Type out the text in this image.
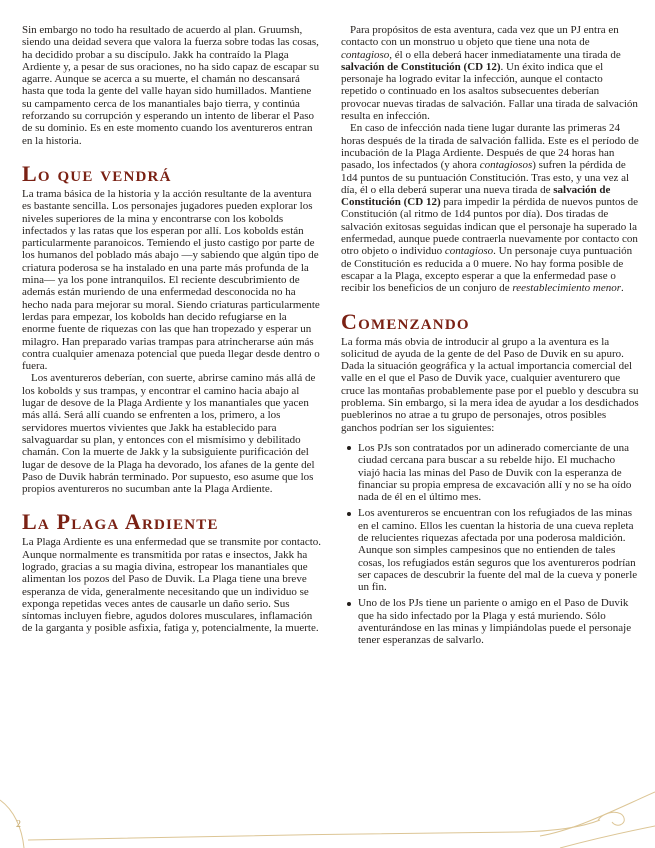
Sin embargo no todo ha resultado de acuerdo al plan. Gruumsh, siendo una deidad severa que valora la fuerza sobre todas las cosas, ha decidido probar a su discípulo. Jakk ha contraído la Plaga Ardiente y, a pesar de sus oraciones, no ha sido capaz de escapar su agarre. Aunque se acerca a su muerte, el chamán no descansará hasta que toda la gente del valle hayan sido humillados. Mantiene su campamento cerca de los manantiales bajo tierra, y continúa reforzando su corrupción y esperando un intento de liberar el Paso de su dominio. Es en este momento cuando los aventureros entran en la historia.

Lo que vendrá

La trama básica de la historia y la acción resultante de la aventura es bastante sencilla. Los personajes jugadores pueden explorar los niveles superiores de la mina y encontrarse con los kobolds infectados y las ratas que los esperan por allí. Los kobolds están particularmente paranoicos. Temiendo el justo castigo por parte de los humanos del poblado más abajo —y sabiendo que algún tipo de criatura poderosa se ha instalado en una parte más profunda de la mina— ya los pone intranquilos. El reciente descubrimiento de además están muriendo de una enfermedad desconocida no ha hecho nada para mejorar su moral. Siendo criaturas particularmente lerdas para empezar, los kobolds han decido refugiarse en la enorme fuente de riquezas con las que han tropezado y esperar un milagro. Han preparado varias trampas para atrincherarse aún más contra cualquier amenaza potencial que pueda llegar desde dentro o fuera.

Los aventureros deberían, con suerte, abrirse camino más allá de los kobolds y sus trampas, y encontrar el camino hacia abajo al lugar de desove de la Plaga Ardiente y los manantiales que yacen más allá. Será allí cuando se enfrenten a los, primero, a los servidores muertos vivientes que Jakk ha establecido para salvaguardar su plan, y entonces con el mismísimo y debilitado chamán. Con la muerte de Jakk y la subsiguiente purificación del lugar de desove de la Plaga ha devorado, los afanes de la gente del Paso de Duvik habrán terminado. Por supuesto, eso asume que los propios aventureros no sucumban ante la Plaga Ardiente.

La Plaga Ardiente

La Plaga Ardiente es una enfermedad que se transmite por contacto. Aunque normalmente es transmitida por ratas e insectos, Jakk ha logrado, gracias a su magia divina, estropear los manantiales que alimentan los pozos del Paso de Duvik. La Plaga tiene una breve esperanza de vida, generalmente necesitando que un individuo se exponga repetidas veces antes de causarle un daño serio. Sus síntomas incluyen fiebre, agudos dolores musculares, inflamación de la garganta y posible asfixia, fatiga y, potencialmente, la muerte.

Para propósitos de esta aventura, cada vez que un PJ entra en contacto con un monstruo u objeto que tiene una nota de contagioso, él o ella deberá hacer inmediatamente una tirada de salvación de Constitución (CD 12). Un éxito indica que el personaje ha logrado evitar la infección, aunque el contacto repetido o continuado en los asaltos subsecuentes deberían provocar nuevas tiradas de salvación. Fallar una tirada de salvación resulta en infección.

En caso de infección nada tiene lugar durante las primeras 24 horas después de la tirada de salvación fallida. Este es el período de incubación de la Plaga Ardiente. Después de que 24 horas han pasado, los infectados (y ahora contagiosos) sufren la pérdida de 1d4 puntos de su puntuación Constitución. Tras esto, y una vez al día, él o ella deberá superar una nueva tirada de salvación de Constitución (CD 12) para impedir la pérdida de nuevos puntos de Constitución (al ritmo de 1d4 puntos por día). Dos tiradas de salvación exitosas seguidas indican que el personaje ha superado la enfermedad, aunque puede contraerla nuevamente por contacto con otro objeto o individuo contagioso. Un personaje cuya puntuación de Constitución es reducida a 0 muere. No hay forma posible de escapar a la Plaga, excepto esperar a que la enfermedad pase o recibir los beneficios de un conjuro de reestablecimiento menor.

Comenzando

La forma más obvia de introducir al grupo a la aventura es la solicitud de ayuda de la gente de del Paso de Duvik en su apuro. Dada la situación geográfica y la actual importancia comercial del valle en el que el Paso de Duvik yace, cualquier aventurero que cruce las montañas probablemente pase por el pueblo y descubra su problema. Sin embargo, si la mera idea de ayudar a los desdichados pueblerinos no atrae a tu grupo de personajes, otros posibles ganchos podrían ser los siguientes:

Los PJs son contratados por un adinerado comerciante de una ciudad cercana para buscar a su rebelde hijo. El muchacho viajó hacia las minas del Paso de Duvik con la esperanza de financiar su propia empresa de excavación allí y no se ha oído nada de él en el último mes.
Los aventureros se encuentran con los refugiados de las minas en el camino. Ellos les cuentan la historia de una cueva repleta de relucientes riquezas afectada por una poderosa maldición. Aunque son simples campesinos que no entienden de tales cosas, los refugiados están seguros que los aventureros podrían ser capaces de descubrir la fuente del mal de la cueva y ponerle un fin.
Uno de los PJs tiene un pariente o amigo en el Paso de Duvik que ha sido infectado por la Plaga y está muriendo. Sólo aventurándose en las minas y limpiándolas puede el personaje tener esperanzas de salvarlo.
2
